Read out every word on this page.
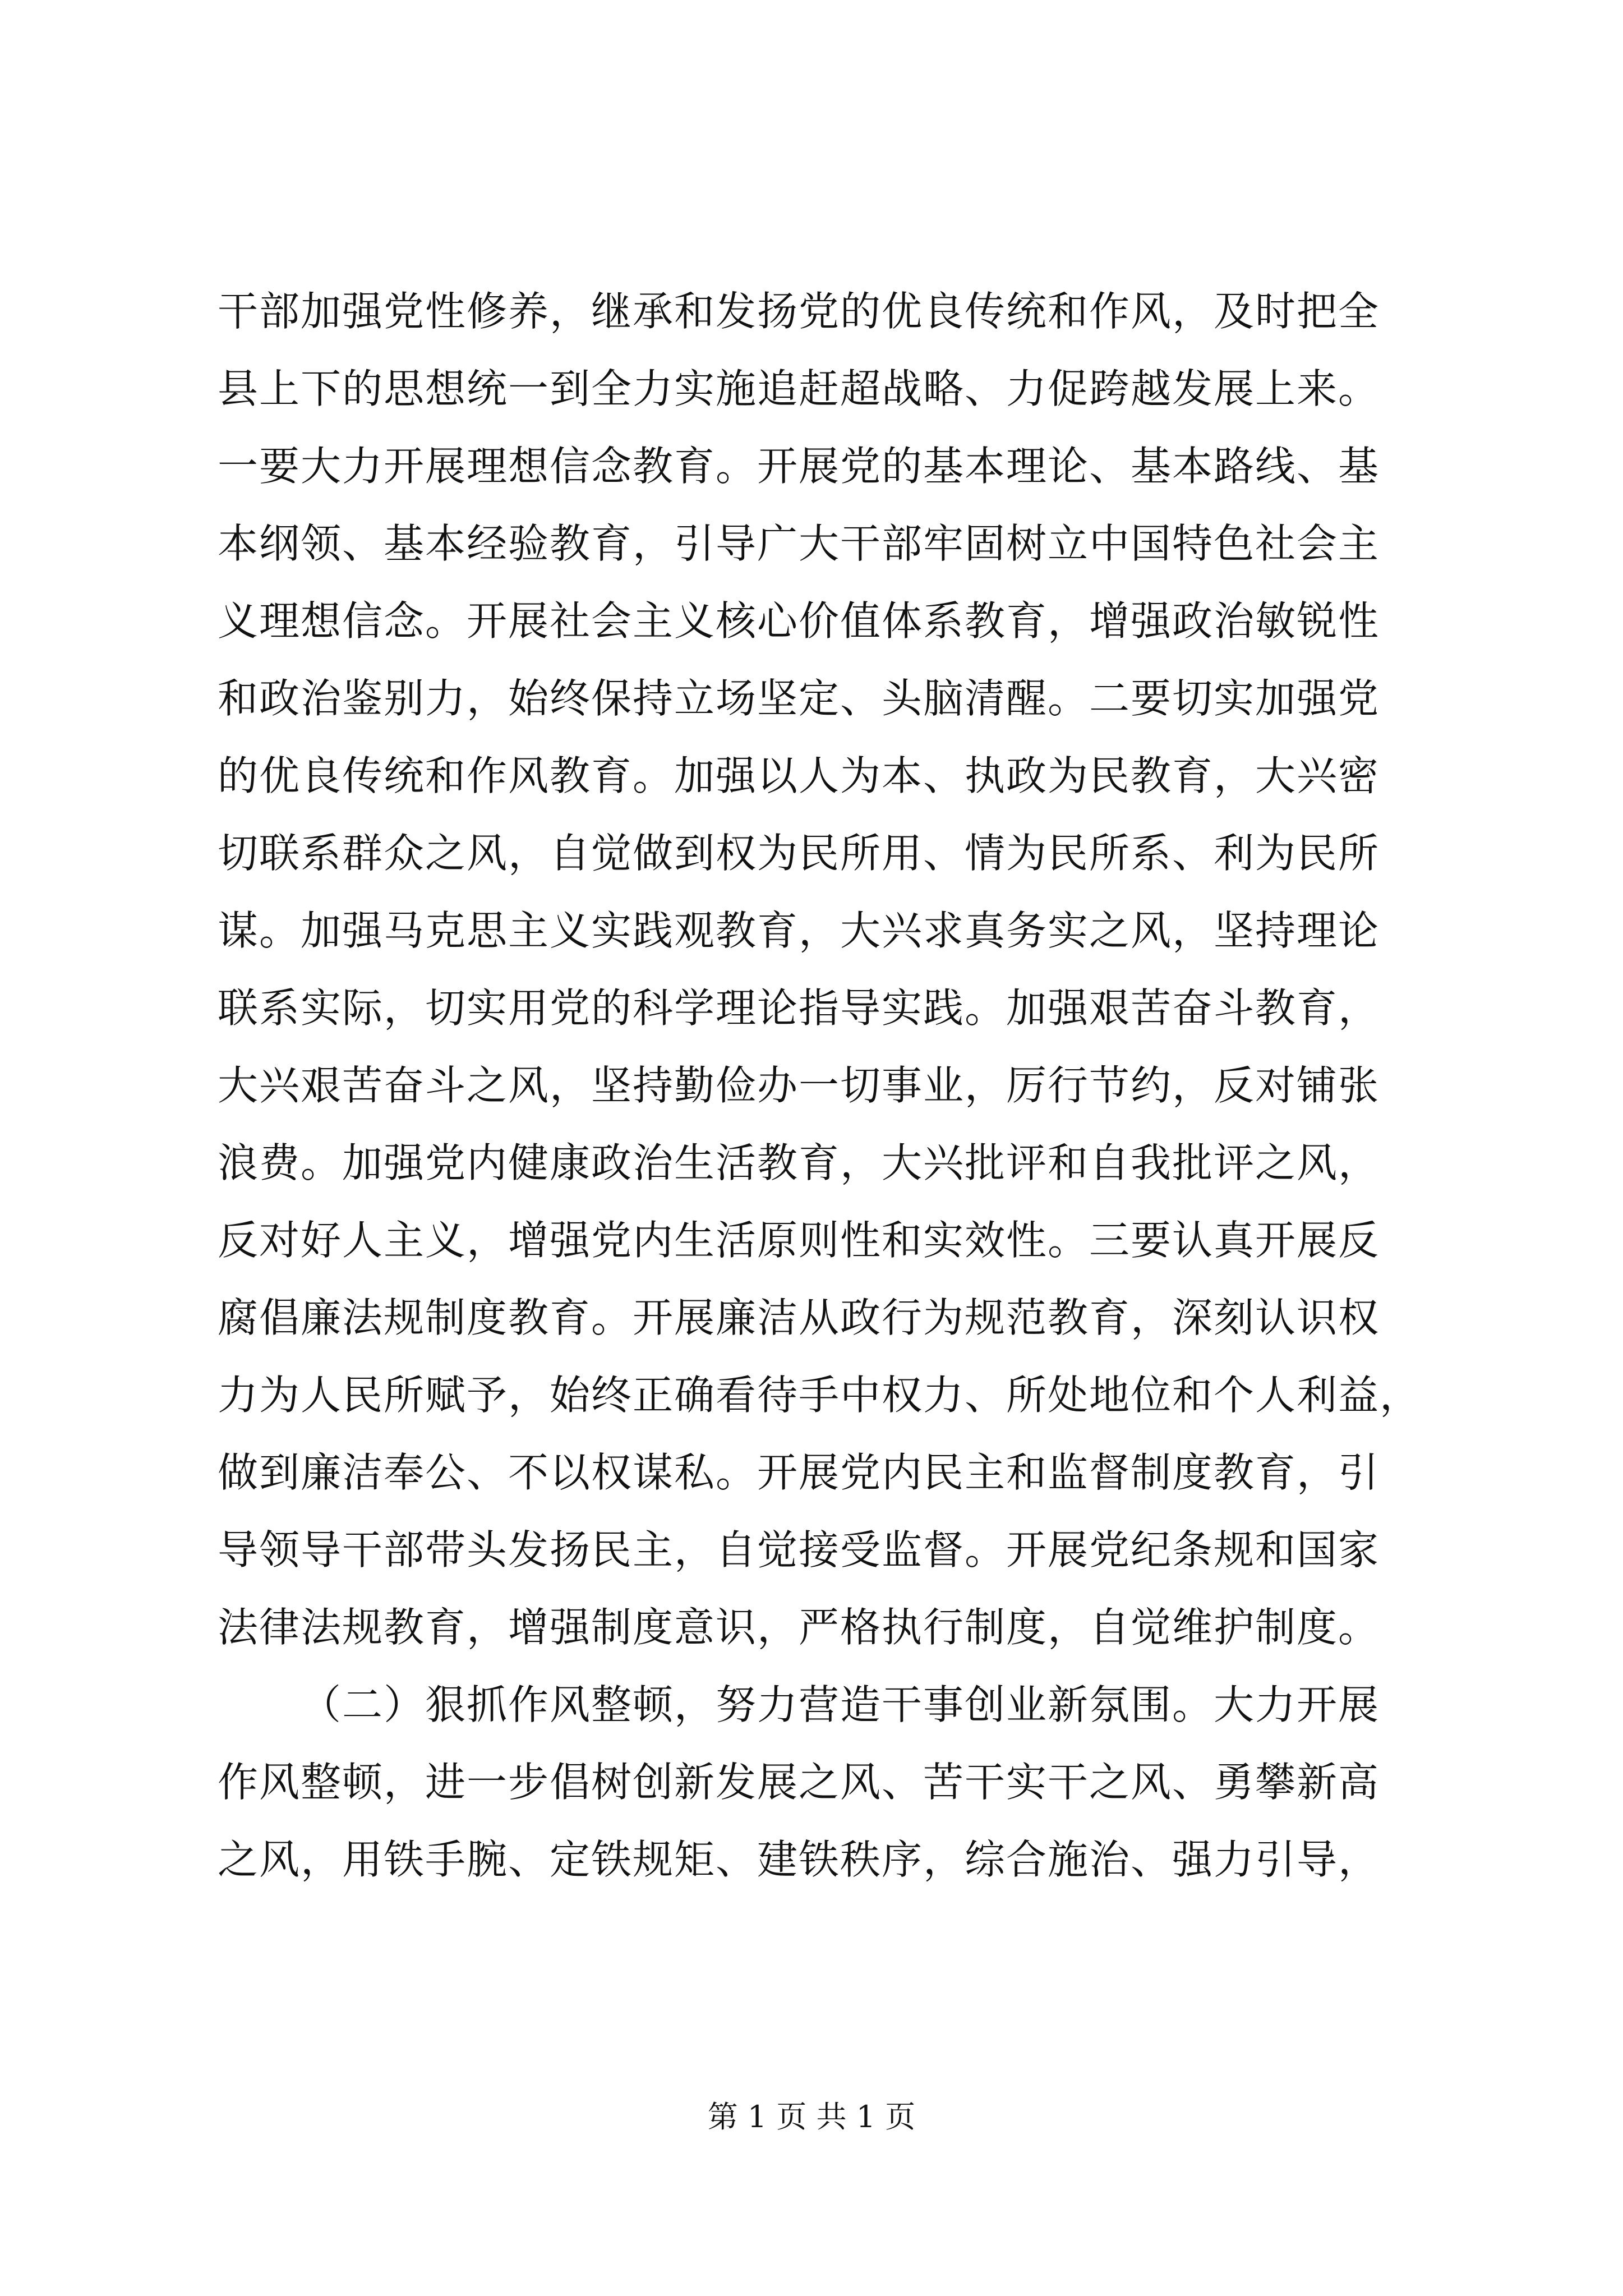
干部加强党性修养，继承和发扬党的优良传统和作风，及时把全
县上下的思想统一到全力实施追赶超战略、力促跨越发展上来。
一要大力开展理想信念教育。开展党的基本理论、基本路线、基
本纲领、基本经验教育，引导广大干部牢固树立中国特色社会主
义理想信念。开展社会主义核心价值体系教育，增强政治敏锐性
和政治鉴别力，始终保持立场坚定、头脑清醒。二要切实加强党
的优良传统和作风教育。加强以人为本、执政为民教育，大兴密
切联系群众之风，自觉做到权为民所用、情为民所系、利为民所
谋。加强马克思主义实践观教育，大兴求真务实之风，坚持理论
联系实际，切实用党的科学理论指导实践。加强艰苦奋斗教育，
大兴艰苦奋斗之风，坚持勤俭办一切事业，厉行节约，反对铺张
浪费。加强党内健康政治生活教育，大兴批评和自我批评之风，
反对好人主义，增强党内生活原则性和实效性。三要认真开展反
腐倡廉法规制度教育。开展廉洁从政行为规范教育，深刻认识权
力为人民所赋予，始终正确看待手中权力、所处地位和个人利益，
做到廉洁奉公、不以权谋私。开展党内民主和监督制度教育，引
导领导干部带头发扬民主，自觉接受监督。开展党纪条规和国家
法律法规教育，增强制度意识，严格执行制度，自觉维护制度。
（二）狠抓作风整顿，努力营造干事创业新氛围。大力开展
作风整顿，进一步倡树创新发展之风、苦干实干之风、勇攀新高
之风，用铁手腕、定铁规矩、建铁秩序，综合施治、强力引导，
第 1 页 共 1 页
